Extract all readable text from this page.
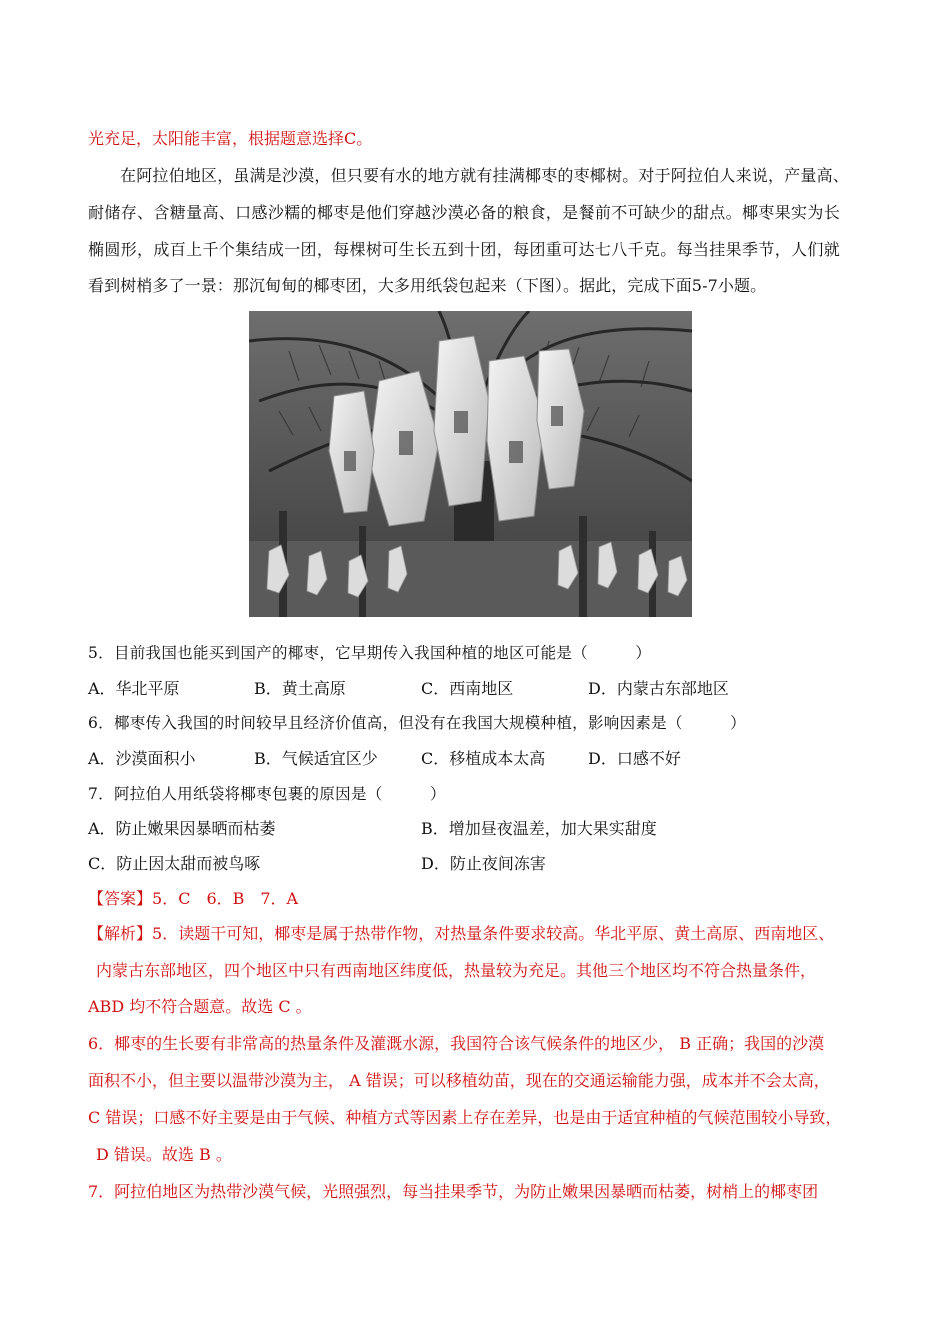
光充足，太阳能丰富，根据题意选择C。
在阿拉伯地区，虽满是沙漠，但只要有水的地方就有挂满椰枣的枣椰树。对于阿拉伯人来说，产量高、
耐储存、含糖量高、口感沙糯的椰枣是他们穿越沙漠必备的粮食，是餐前不可缺少的甜点。椰枣果实为长
椭圆形，成百上千个集结成一团，每棵树可生长五到十团，每团重可达七八千克。每当挂果季节，人们就
看到树梢多了一景：那沉甸甸的椰枣团，大多用纸袋包起来（下图）。据此，完成下面5-7小题。
5．目前我国也能买到国产的椰枣，它早期传入我国种植的地区可能是（　　　）
A．华北平原	B．黄土高原	C．西南地区	D．内蒙古东部地区
6．椰枣传入我国的时间较早且经济价值高，但没有在我国大规模种植，影响因素是（　　　）
A．沙漠面积小	B．气候适宜区少	C．移植成本太高	D．口感不好
7．阿拉伯人用纸袋将椰枣包裹的原因是（　　　）
A．防止嫩果因暴晒而枯萎	B．增加昼夜温差，加大果实甜度
C．防止因太甜而被鸟啄	D．防止夜间冻害
【答案】5．C　6．B　7．A
【解析】5．读题干可知，椰枣是属于热带作物，对热量条件要求较高。华北平原、黄土高原、西南地区、
内蒙古东部地区，四个地区中只有西南地区纬度低，热量较为充足。其他三个地区均不符合热量条件，
ABD 均不符合题意。故选 C 。
6．椰枣的生长要有非常高的热量条件及灌溉水源，我国符合该气候条件的地区少， B 正确；我国的沙漠
面积不小，但主要以温带沙漠为主， A 错误；可以移植幼苗，现在的交通运输能力强，成本并不会太高，
C 错误；口感不好主要是由于气候、种植方式等因素上存在差异，也是由于适宜种植的气候范围较小导致，
D 错误。故选 B 。
7．阿拉伯地区为热带沙漠气候，光照强烈，每当挂果季节，为防止嫩果因暴晒而枯萎，树梢上的椰枣团
